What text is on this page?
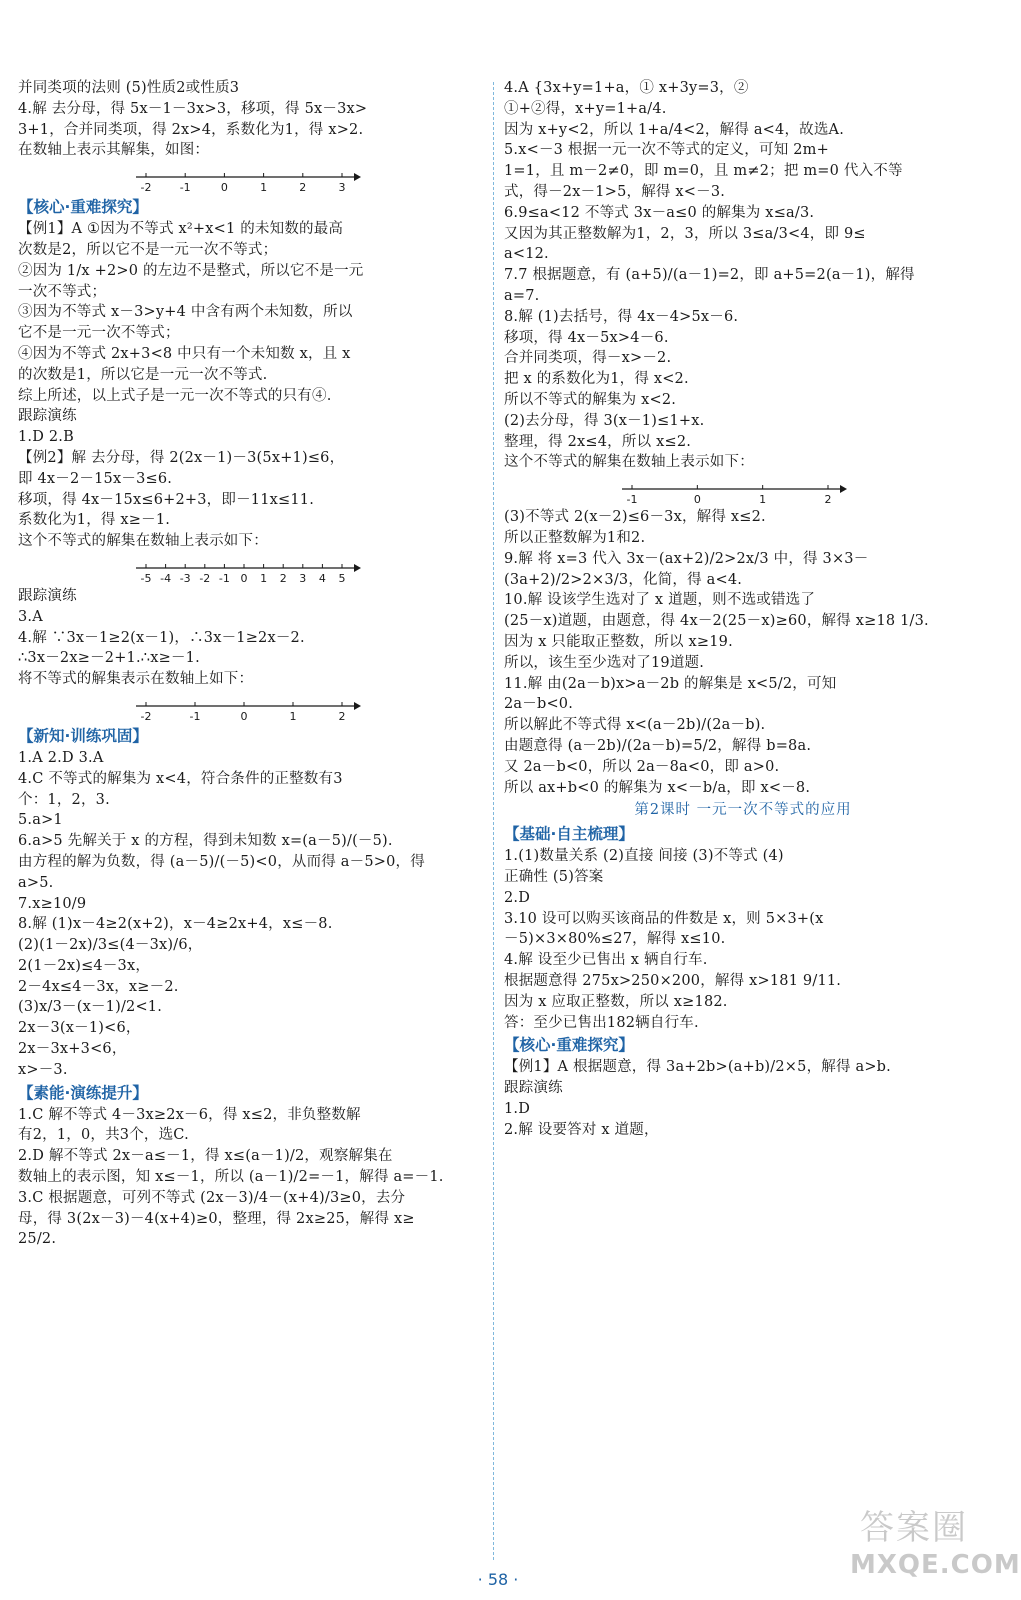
并同类项的法则 (5)性质2或性质3
4.解 去分母，得 5x－1－3x>3，移项，得 5x－3x>
3+1，合并同类项，得 2x>4，系数化为1，得 x>2.
在数轴上表示其解集，如图：
-2	-1	0	1	2	3
【核心·重难探究】
【例1】A ①因为不等式 x²+x<1 的未知数的最高
次数是2，所以它不是一元一次不等式；
②因为 1/x +2>0 的左边不是整式，所以它不是一元
一次不等式；
③因为不等式 x－3>y+4 中含有两个未知数，所以
它不是一元一次不等式；
④因为不等式 2x+3<8 中只有一个未知数 x，且 x
的次数是1，所以它是一元一次不等式.
综上所述，以上式子是一元一次不等式的只有④.
跟踪演练
1.D 2.B
【例2】解 去分母，得 2(2x－1)－3(5x+1)≤6，
即 4x－2－15x－3≤6.
移项，得 4x－15x≤6+2+3，即－11x≤11.
系数化为1，得 x≥－1.
这个不等式的解集在数轴上表示如下：
-5 -4 -3 -2 -1 0 1 2 3 4 5
跟踪演练
3.A
4.解 ∵3x－1≥2(x－1)，∴3x－1≥2x－2.
∴3x－2x≥－2+1.∴x≥－1.
将不等式的解集表示在数轴上如下：
-2	-1	0	1	2
【新知·训练巩固】
1.A 2.D 3.A
4.C 不等式的解集为 x<4，符合条件的正整数有3
个：1，2，3.
5.a>1
6.a>5 先解关于 x 的方程，得到未知数 x=(a－5)/(－5).
由方程的解为负数，得 (a－5)/(－5)<0，从而得 a－5>0，得
a>5.
7.x≥10/9
8.解 (1)x－4≥2(x+2)，x－4≥2x+4，x≤－8.
(2)(1－2x)/3≤(4－3x)/6，
2(1－2x)≤4－3x，
2－4x≤4－3x，x≥－2.
(3)x/3－(x－1)/2<1.
2x－3(x－1)<6，
2x－3x+3<6，
x>－3.
【素能·演练提升】
1.C 解不等式 4－3x≥2x－6，得 x≤2，非负整数解
有2，1，0，共3个，选C.
2.D 解不等式 2x－a≤－1，得 x≤(a－1)/2，观察解集在
数轴上的表示图，知 x≤－1，所以 (a－1)/2=－1，解得 a=－1.
3.C 根据题意，可列不等式 (2x－3)/4－(x+4)/3≥0，去分
母，得 3(2x－3)－4(x+4)≥0，整理，得 2x≥25，解得 x≥
25/2.
4.A {3x+y=1+a，① x+3y=3，②
①+②得，x+y=1+a/4.
因为 x+y<2，所以 1+a/4<2，解得 a<4，故选A.
5.x<－3 根据一元一次不等式的定义，可知 2m+
1=1，且 m－2≠0，即 m=0，且 m≠2；把 m=0 代入不等
式，得－2x－1>5，解得 x<－3.
6.9≤a<12 不等式 3x－a≤0 的解集为 x≤a/3.
又因为其正整数解为1，2，3，所以 3≤a/3<4，即 9≤
a<12.
7.7 根据题意，有 (a+5)/(a－1)=2，即 a+5=2(a－1)，解得
a=7.
8.解 (1)去括号，得 4x－4>5x－6.
移项，得 4x－5x>4－6.
合并同类项，得－x>－2.
把 x 的系数化为1，得 x<2.
所以不等式的解集为 x<2.
(2)去分母，得 3(x－1)≤1+x.
整理，得 2x≤4，所以 x≤2.
这个不等式的解集在数轴上表示如下：
-1	0	1	2
(3)不等式 2(x－2)≤6－3x，解得 x≤2.
所以正整数解为1和2.
9.解 将 x=3 代入 3x－(ax+2)/2>2x/3 中，得 3×3－
(3a+2)/2>2×3/3，化简，得 a<4.
10.解 设该学生选对了 x 道题，则不选或错选了
(25－x)道题，由题意，得 4x－2(25－x)≥60，解得 x≥18 1/3.
因为 x 只能取正整数，所以 x≥19.
所以，该生至少选对了19道题.
11.解 由(2a－b)x>a－2b 的解集是 x<5/2，可知
2a－b<0.
所以解此不等式得 x<(a－2b)/(2a－b).
由题意得 (a－2b)/(2a－b)=5/2，解得 b=8a.
又 2a－b<0，所以 2a－8a<0，即 a>0.
所以 ax+b<0 的解集为 x<－b/a，即 x<－8.
第2课时 一元一次不等式的应用
【基础·自主梳理】
1.(1)数量关系 (2)直接 间接 (3)不等式 (4)
正确性 (5)答案
2.D
3.10 设可以购买该商品的件数是 x，则 5×3+(x
－5)×3×80%≤27，解得 x≤10.
4.解 设至少已售出 x 辆自行车.
根据题意得 275x>250×200，解得 x>181 9/11.
因为 x 应取正整数，所以 x≥182.
答：至少已售出182辆自行车.
【核心·重难探究】
【例1】A 根据题意，得 3a+2b>(a+b)/2×5，解得 a>b.
跟踪演练
1.D
2.解 设要答对 x 道题，
· 58 ·
答案圈
MXQE.COM
